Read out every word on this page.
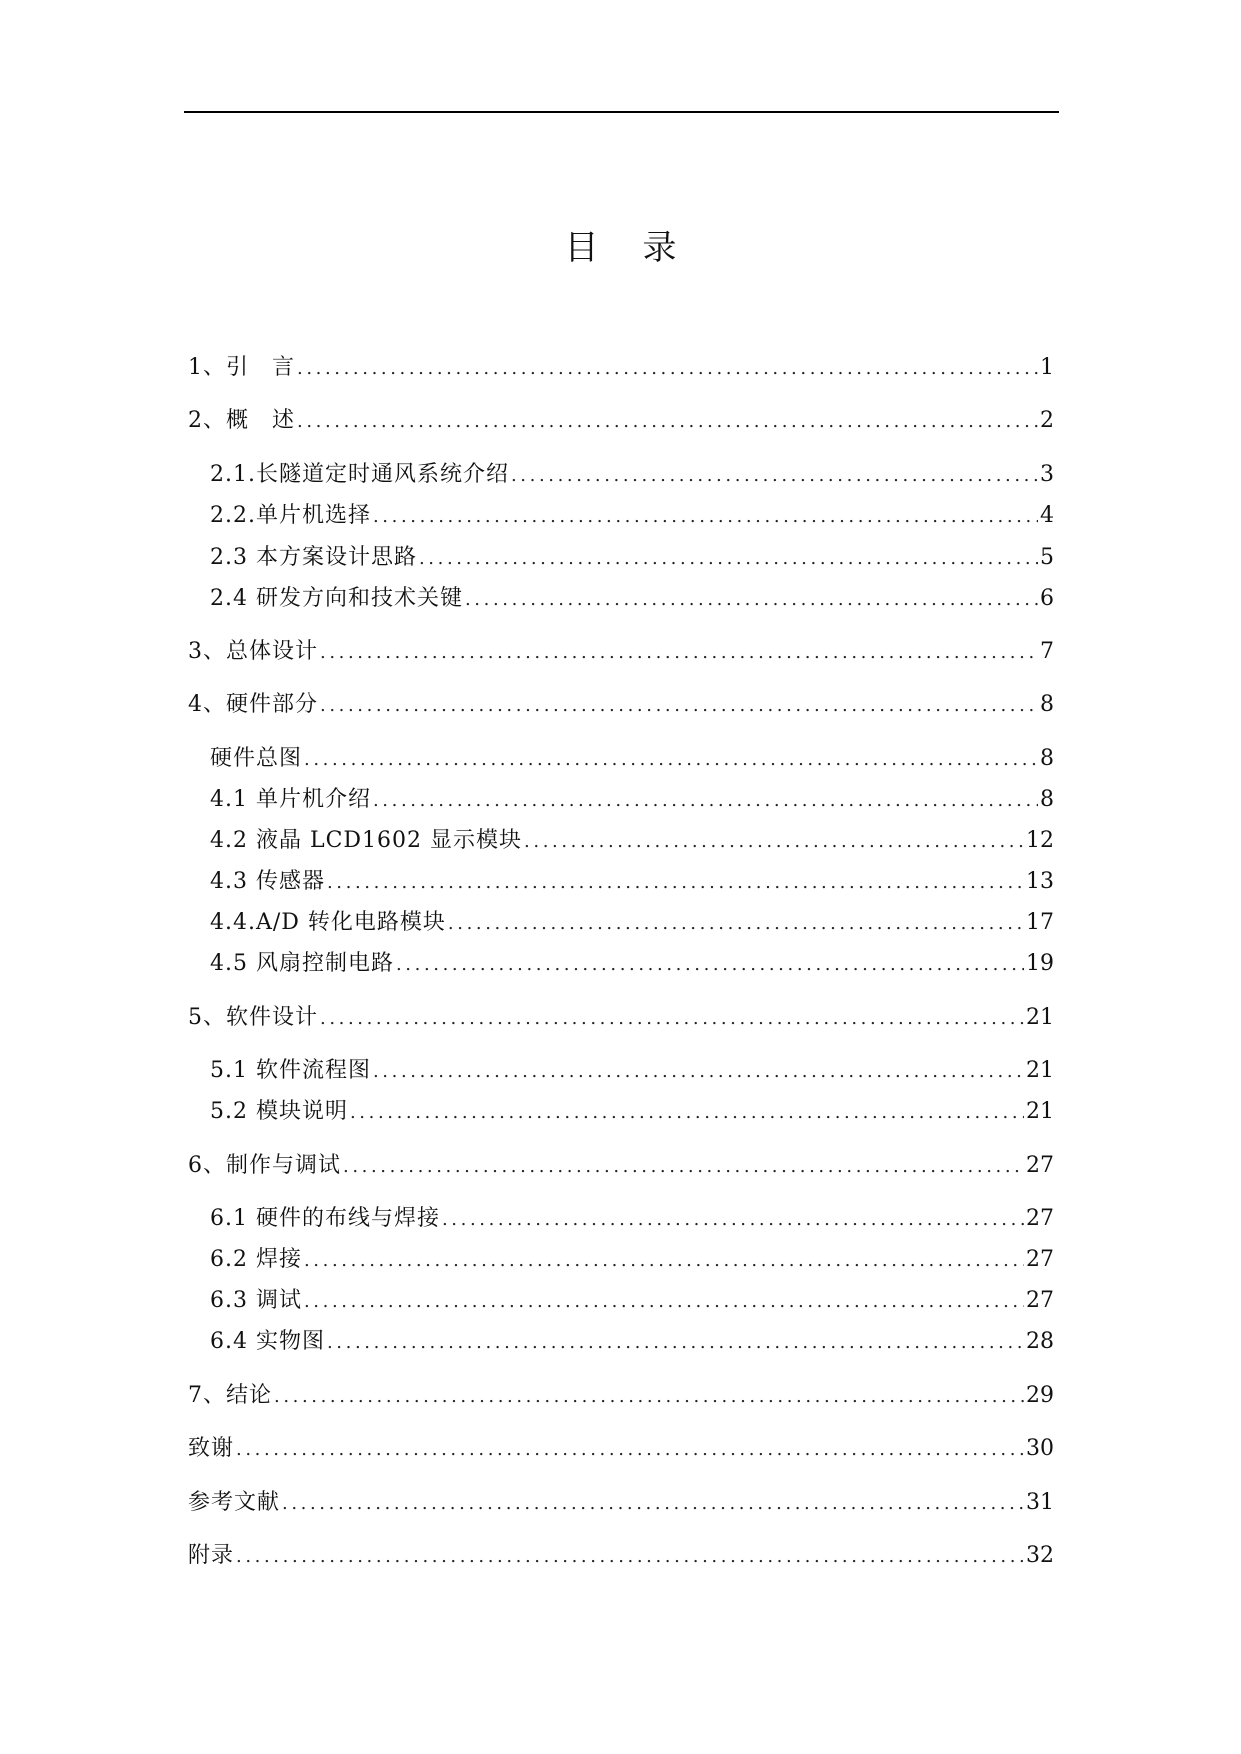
目录
1、引　言 .....	1
2、概　述 .....	2
2.1.长隧道定时通风系统介绍 .....	3
2.2.单片机选择 .....	4
2.3 本方案设计思路 .....	5
2.4 研发方向和技术关键 .....	6
3、总体设计 .....	7
4、硬件部分 .....	8
硬件总图 .....	8
4.1 单片机介绍 .....	8
4.2 液晶 LCD1602 显示模块 .....	12
4.3 传感器 .....	13
4.4.A/D 转化电路模块 .....	17
4.5 风扇控制电路 .....	19
5、软件设计 .....	21
5.1 软件流程图 .....	21
5.2 模块说明 .....	21
6、制作与调试 .....	27
6.1 硬件的布线与焊接 .....	27
6.2 焊接 .....	27
6.3 调试 .....	27
6.4 实物图 .....	28
7、结论 .....	29
致谢 .....	30
参考文献 .....	31
附录 .....	32
